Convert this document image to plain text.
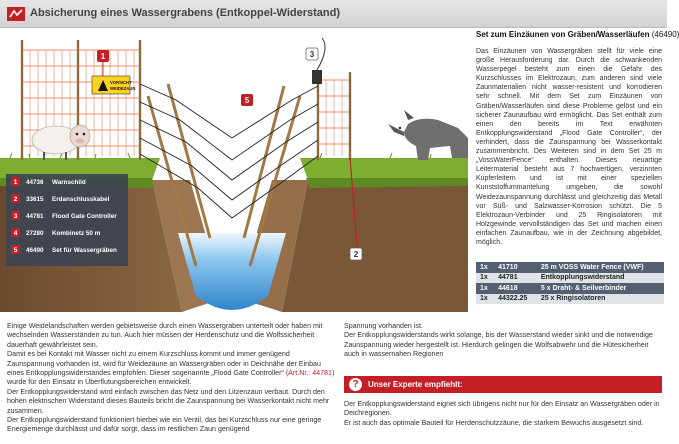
Absicherung eines Wassergrabens (Entkoppel-Widerstand)
VORSICHT
WEIDEZAUN
1	3
5
2
1 44736 Warnschild
2 33615 Erdanschlusskabel
3 44781 Flood Gate Controller
4 27280 Kombinetz 50 m
5 46490 Set für Wassergräben
Set zum Einzäunen von Gräben/Wasserläufen (46490)
Das Einzäunen von Wassergräben stellt für viele eine große Herausforderung dar. Durch die schwankenden Wasserpegel besteht zum einen die Gefahr des Kurzschlusses im Elektrozaun, zum anderen sind viele Zaunmaterialien nicht wasser-resistent und korrodieren sehr schnell. Mit dem Set zum Einzäunen von Gräben/Wasserläufen sind diese Probleme gelöst und ein sicherer Zaunaufbau wird ermöglicht. Das Set enthält zum einen den bereits im Text erwähnten Entkopplungswiderstand „Flood Gate Controller“, der verhindert, dass die Zaunspannung bei Wasserkontakt zusammenbricht. Des Weiteren sind in dem Set 25 m „VossWaterFence“ enthalten. Dieses neuartige Leitermaterial besteht aus 7 hochwertigen, verzinnten Kupferleitern und ist mit einer speziellen Kunststoffummantelung umgeben, die sowohl Weidezaunspannung durchlässt und gleichzeitig das Metall vor Süß- und Salzwasser-Korrosion schützt. Die 5 Elektrozaun-Verbinder und 25 Ringisolatoren mit Holzgewinde vervollständigen das Set und machen einen einfachen Zaunaufbau, wie in der Zeichnung abgebildet, möglich.
1x	41710	25 m VOSS Water Fence (VWF)
1x	44781	Entkopplungswiderstand
1x	44618	5 x Draht- & Seilverbinder
1x	44322.25	25 x Ringisolatoren

Einige Weidelandschaften werden gebietsweise durch einen Wassergraben unterteilt oder haben mit wechselnden Wasserständen zu tun. Auch hier müssen der Herdenschutz und die Wolfssicherheit dauerhaft gewährleistet sein.

Damit es bei Kontakt mit Wasser nicht zu einem Kurzschluss kommt und immer genügend Zaunspannung vorhanden ist, wird für Weidezäune an Wassergräben oder in Deichnähe der Einbau eines Entkopplungswiderstandes empfohlen. Dieser sogenannte „Flood Gate Controller“ (Art.Nr.: 44781) wurde für den Einsatz in Überflutungsbereichen entwickelt.

Der Entkopplungswiderstand wird einfach zwischen das Netz und den Litzenzaun verbaut. Durch den hohen elektrischen Widerstand dieses Bauteils bricht die Zaunspannung bei Wasserkontakt nicht mehr zusammen.

Der Entkopplungswiderstand funktioniert hierbei wie ein Ventil, das bei Kurzschluss nur eine geringe Energiemenge durchlässt und dafür sorgt, dass im restlichen Zaun genügend

Spannung vorhanden ist.

Der Entkopplungswiderstands wirkt solange, bis der Wasserstand wieder sinkt und die notwendige Zaunspannung wieder hergestellt ist. Hierdurch gelingen die Wolfsabwehr und die Hütesicherheit auch in wassernahen Regionen

?	Unser Experte empfiehlt:

Der Entkopplungswiderstand eignet sich übrigens nicht nur für den Einsatz an Wassergräben oder in Deichregionen.

Er ist auch das optimale Bauteil für Herdenschutzzäune, die starkem Bewuchs ausgesetzt sind.
